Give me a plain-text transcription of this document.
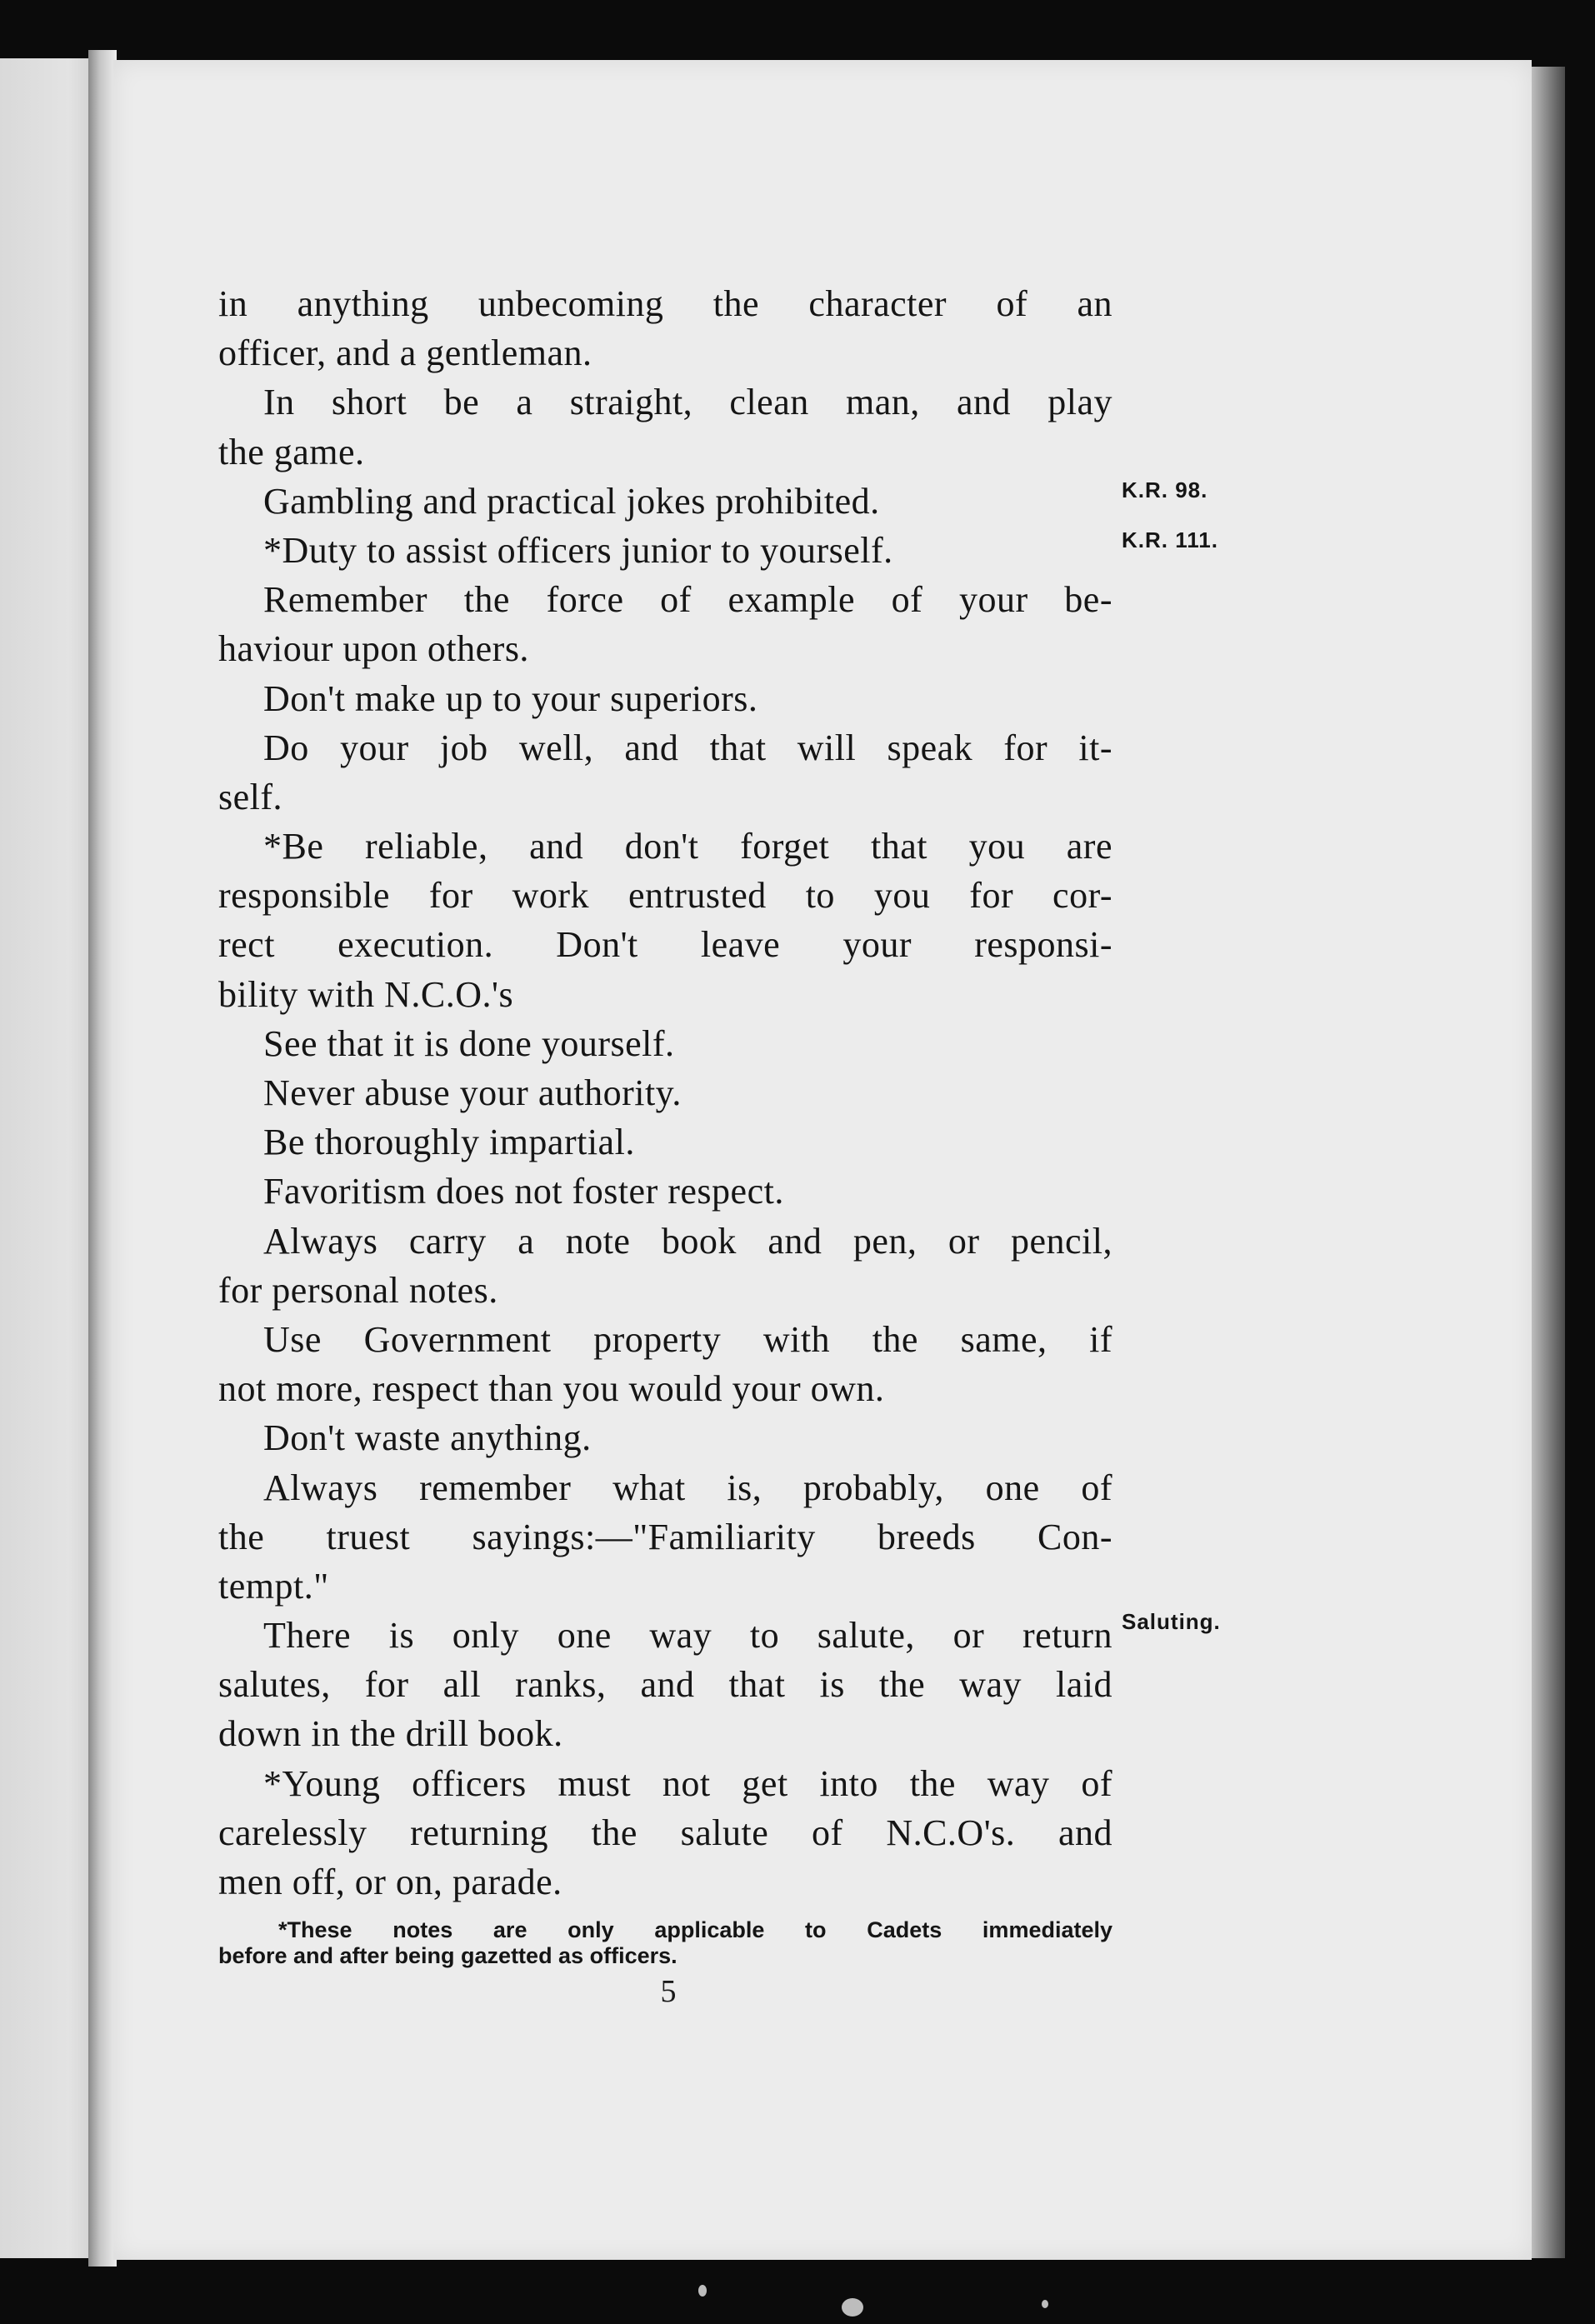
in anything unbecoming the character of an
officer, and a gentleman.
In short be a straight, clean man, and play
the game.
Gambling and practical jokes prohibited.
*Duty to assist officers junior to yourself.
Remember the force of example of your be-
haviour upon others.
Don't make up to your superiors.
Do your job well, and that will speak for it-
self.
*Be reliable, and don't forget that you are
responsible for work entrusted to you for cor-
rect execution. Don't leave your responsi-
bility with N.C.O.'s
See that it is done yourself.
Never abuse your authority.
Be thoroughly impartial.
Favoritism does not foster respect.
Always carry a note book and pen, or pencil,
for personal notes.
Use Government property with the same, if
not more, respect than you would your own.
Don't waste anything.
Always remember what is, probably, one of
the truest sayings:—"Familiarity breeds Con-
tempt."
There is only one way to salute, or return
salutes, for all ranks, and that is the way laid
down in the drill book.
*Young officers must not get into the way of
carelessly returning the salute of N.C.O's. and
men off, or on, parade.
K.R. 98.
K.R. 111.
Saluting.
*These notes are only applicable to Cadets immediately
before and after being gazetted as officers.
5
